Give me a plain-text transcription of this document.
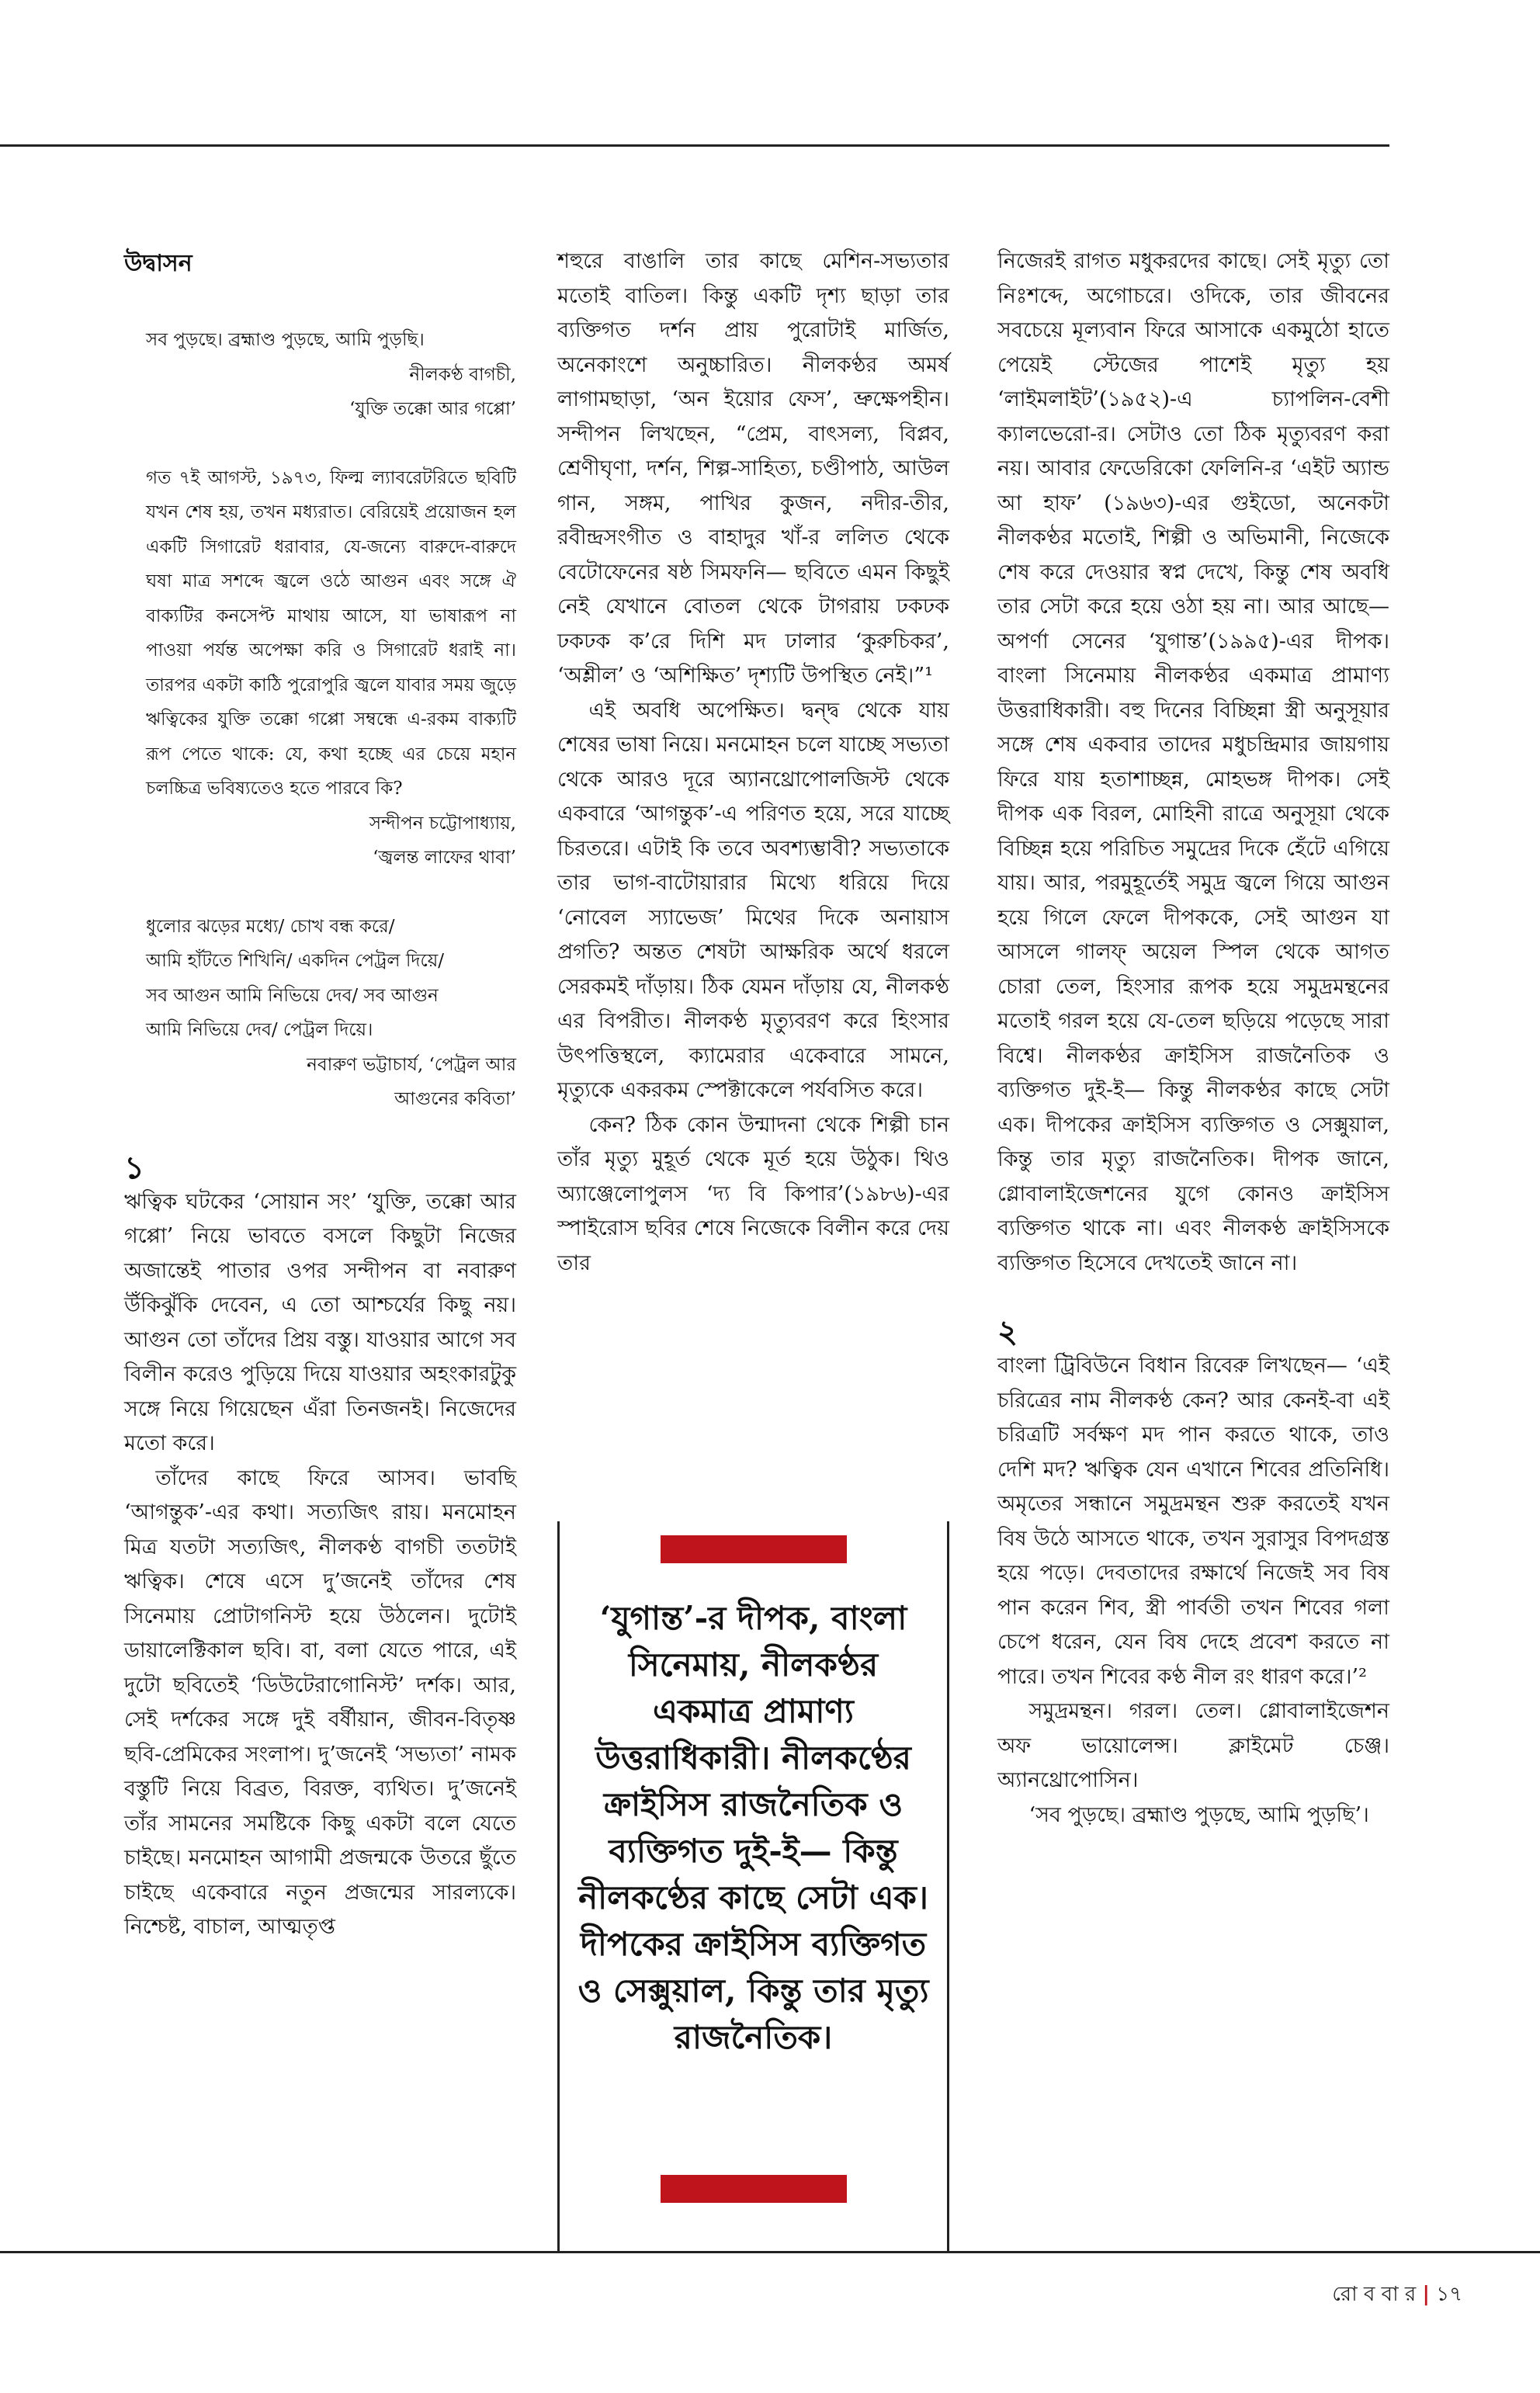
উদ্বাসন

সব পুড়ছে। ব্রহ্মাণ্ড পুড়ছে, আমি পুড়ছি।

নীলকণ্ঠ বাগচী,

‘যুক্তি তক্কো আর গপ্পো’

গত ৭ই আগস্ট, ১৯৭৩, ফিল্ম ল্যাবরেটরিতে ছবিটি যখন শেষ হয়, তখন মধ্যরাত। বেরিয়েই প্রয়োজন হল একটি সিগারেট ধরাবার, যে-জন্যে বারুদে-বারুদে ঘষা মাত্র সশব্দে জ্বলে ওঠে আগুন এবং সঙ্গে ঐ বাক্যটির কনসেপ্ট মাথায় আসে, যা ভাষারূপ না পাওয়া পর্যন্ত অপেক্ষা করি ও সিগারেট ধরাই না। তারপর একটা কাঠি পুরোপুরি জ্বলে যাবার সময় জুড়ে ঋত্বিকের যুক্তি তক্কো গপ্পো সম্বন্ধে এ-রকম বাক্যটি রূপ পেতে থাকে: যে, কথা হচ্ছে এর চেয়ে মহান চলচ্চিত্র ভবিষ্যতেও হতে পারবে কি?

সন্দীপন চট্টোপাধ্যায়,

‘জ্বলন্ত লাফের থাবা’

ধুলোর ঝড়ের মধ্যে/ চোখ বন্ধ করে/

আমি হাঁটতে শিখিনি/ একদিন পেট্রল দিয়ে/

সব আগুন আমি নিভিয়ে দেব/ সব আগুন

আমি নিভিয়ে দেব/ পেট্রল দিয়ে।

নবারুণ ভট্টাচার্য, ‘পেট্রল আর

আগুনের কবিতা’

১

ঋত্বিক ঘটকের ‘সোয়ান সং’ ‘যুক্তি, তক্কো আর গপ্পো’ নিয়ে ভাবতে বসলে কিছুটা নিজের অজান্তেই পাতার ওপর সন্দীপন বা নবারুণ উঁকিঝুঁকি দেবেন, এ তো আশ্চর্যের কিছু নয়। আগুন তো তাঁদের প্রিয় বস্তু। যাওয়ার আগে সব বিলীন করেও পুড়িয়ে দিয়ে যাওয়ার অহংকারটুকু সঙ্গে নিয়ে গিয়েছেন এঁরা তিনজনই। নিজেদের মতো করে।

তাঁদের কাছে ফিরে আসব। ভাবছি ‘আগন্তুক’-এর কথা। সত্যজিৎ রায়। মনমোহন মিত্র যতটা সত্যজিৎ, নীলকণ্ঠ বাগচী ততটাই ঋত্বিক। শেষে এসে দু’জনেই তাঁদের শেষ সিনেমায় প্রোটাগনিস্ট হয়ে উঠলেন। দুটোই ডায়ালেক্টিকাল ছবি। বা, বলা যেতে পারে, এই দুটো ছবিতেই ‘ডিউটেরাগোনিস্ট’ দর্শক। আর, সেই দর্শকের সঙ্গে দুই বর্ষীয়ান, জীবন-বিতৃষ্ণ ছবি-প্রেমিকের সংলাপ। দু’জনেই ‘সভ্যতা’ নামক বস্তুটি নিয়ে বিব্রত, বিরক্ত, ব্যথিত। দু’জনেই তাঁর সামনের সমষ্টিকে কিছু একটা বলে যেতে চাইছে। মনমোহন আগামী প্রজন্মকে উতরে ছুঁতে চাইছে একেবারে নতুন প্রজন্মের সারল্যকে। নিশ্চেষ্ট, বাচাল, আত্মতৃপ্ত

শহুরে বাঙালি তার কাছে মেশিন-সভ্যতার মতোই বাতিল। কিন্তু একটি দৃশ্য ছাড়া তার ব্যক্তিগত দর্শন প্রায় পুরোটাই মার্জিত, অনেকাংশে অনুচ্চারিত। নীলকণ্ঠর অমর্ষ লাগামছাড়া, ‘অন ইয়োর ফেস’, ভ্রুক্ষেপহীন। সন্দীপন লিখছেন, “প্রেম, বাৎসল্য, বিপ্লব, শ্রেণীঘৃণা, দর্শন, শিল্প-সাহিত্য, চণ্ডীপাঠ, আউল গান, সঙ্গম, পাখির কুজন, নদীর-তীর, রবীন্দ্রসংগীত ও বাহাদুর খাঁ-র ললিত থেকে বেটোফেনের ষষ্ঠ সিমফনি— ছবিতে এমন কিছুই নেই যেখানে বোতল থেকে টাগরায় ঢকঢক ঢকঢক ক’রে দিশি মদ ঢালার ‘কুরুচিকর’, ‘অশ্লীল’ ও ‘অশিক্ষিত’ দৃশ্যটি উপস্থিত নেই।”¹

এই অবধি অপেক্ষিত। দ্বন্দ্ব থেকে যায় শেষের ভাষা নিয়ে। মনমোহন চলে যাচ্ছে সভ্যতা থেকে আরও দূরে অ্যানথ্রোপোলজিস্ট থেকে একবারে ‘আগন্তুক’-এ পরিণত হয়ে, সরে যাচ্ছে চিরতরে। এটাই কি তবে অবশ্যম্ভাবী? সভ্যতাকে তার ভাগ-বাটোয়ারার মিথ্যে ধরিয়ে দিয়ে ‘নোবেল স্যাভেজ’ মিথের দিকে অনায়াস প্রগতি? অন্তত শেষটা আক্ষরিক অর্থে ধরলে সেরকমই দাঁড়ায়। ঠিক যেমন দাঁড়ায় যে, নীলকণ্ঠ এর বিপরীত। নীলকণ্ঠ মৃত্যুবরণ করে হিংসার উৎপত্তিস্থলে, ক্যামেরার একেবারে সামনে, মৃত্যুকে একরকম স্পেক্টাকেলে পর্যবসিত করে।

কেন? ঠিক কোন উন্মাদনা থেকে শিল্পী চান তাঁর মৃত্যু মুহূর্ত থেকে মূর্ত হয়ে উঠুক। থিও অ্যাঞ্জেলোপুলস ‘দ্য বি কিপার’(১৯৮৬)-এর স্পাইরোস ছবির শেষে নিজেকে বিলীন করে দেয় তার

‘যুগান্ত’-র দীপক, বাংলা সিনেমায়, নীলকণ্ঠর একমাত্র প্রামাণ্য উত্তরাধিকারী। নীলকণ্ঠের ক্রাইসিস রাজনৈতিক ও ব্যক্তিগত দুই-ই— কিন্তু নীলকণ্ঠের কাছে সেটা এক। দীপকের ক্রাইসিস ব্যক্তিগত ও সেক্সুয়াল, কিন্তু তার মৃত্যু রাজনৈতিক।

নিজেরই রাগত মধুকরদের কাছে। সেই মৃত্যু তো নিঃশব্দে, অগোচরে। ওদিকে, তার জীবনের সবচেয়ে মূল্যবান ফিরে আসাকে একমুঠো হাতে পেয়েই স্টেজের পাশেই মৃত্যু হয় ‘লাইমলাইট’(১৯৫২)-এ চ্যাপলিন-বেশী ক্যালভেরো-র। সেটাও তো ঠিক মৃত্যুবরণ করা নয়। আবার ফেডেরিকো ফেলিনি-র ‘এইট অ্যান্ড আ হাফ’ (১৯৬৩)-এর গুইডো, অনেকটা নীলকণ্ঠর মতোই, শিল্পী ও অভিমানী, নিজেকে শেষ করে দেওয়ার স্বপ্ন দেখে, কিন্তু শেষ অবধি তার সেটা করে হয়ে ওঠা হয় না। আর আছে— অপর্ণা সেনের ‘যুগান্ত’(১৯৯৫)-এর দীপক। বাংলা সিনেমায় নীলকণ্ঠর একমাত্র প্রামাণ্য উত্তরাধিকারী। বহু দিনের বিচ্ছিন্না স্ত্রী অনুসূয়ার সঙ্গে শেষ একবার তাদের মধুচন্দ্রিমার জায়গায় ফিরে যায় হতাশাচ্ছন্ন, মোহভঙ্গ দীপক। সেই দীপক এক বিরল, মোহিনী রাত্রে অনুসূয়া থেকে বিচ্ছিন্ন হয়ে পরিচিত সমুদ্রের দিকে হেঁটে এগিয়ে যায়। আর, পরমুহূর্তেই সমুদ্র জ্বলে গিয়ে আগুন হয়ে গিলে ফেলে দীপককে, সেই আগুন যা আসলে গালফ্ অয়েল স্পিল থেকে আগত চোরা তেল, হিংসার রূপক হয়ে সমুদ্রমন্থনের মতোই গরল হয়ে যে-তেল ছড়িয়ে পড়েছে সারা বিশ্বে। নীলকণ্ঠর ক্রাইসিস রাজনৈতিক ও ব্যক্তিগত দুই-ই— কিন্তু নীলকণ্ঠর কাছে সেটা এক। দীপকের ক্রাইসিস ব্যক্তিগত ও সেক্সুয়াল, কিন্তু তার মৃত্যু রাজনৈতিক। দীপক জানে, গ্লোবালাইজেশনের যুগে কোনও ক্রাইসিস ব্যক্তিগত থাকে না। এবং নীলকণ্ঠ ক্রাইসিসকে ব্যক্তিগত হিসেবে দেখতেই জানে না।

২

বাংলা ট্রিবিউনে বিধান রিবেরু লিখছেন— ‘এই চরিত্রের নাম নীলকণ্ঠ কেন? আর কেনই-বা এই চরিত্রটি সর্বক্ষণ মদ পান করতে থাকে, তাও দেশি মদ? ঋত্বিক যেন এখানে শিবের প্রতিনিধি। অমৃতের সন্ধানে সমুদ্রমন্থন শুরু করতেই যখন বিষ উঠে আসতে থাকে, তখন সুরাসুর বিপদগ্রস্ত হয়ে পড়ে। দেবতাদের রক্ষার্থে নিজেই সব বিষ পান করেন শিব, স্ত্রী পার্বতী তখন শিবের গলা চেপে ধরেন, যেন বিষ দেহে প্রবেশ করতে না পারে। তখন শিবের কণ্ঠ নীল রং ধারণ করে।’²

সমুদ্রমন্থন। গরল। তেল। গ্লোবালাইজেশন অফ ভায়োলেন্স। ক্লাইমেট চেঞ্জ। অ্যানথ্রোপোসিন।

‘সব পুড়ছে। ব্রহ্মাণ্ড পুড়ছে, আমি পুড়ছি’।

রো ব বা র | ১৭
